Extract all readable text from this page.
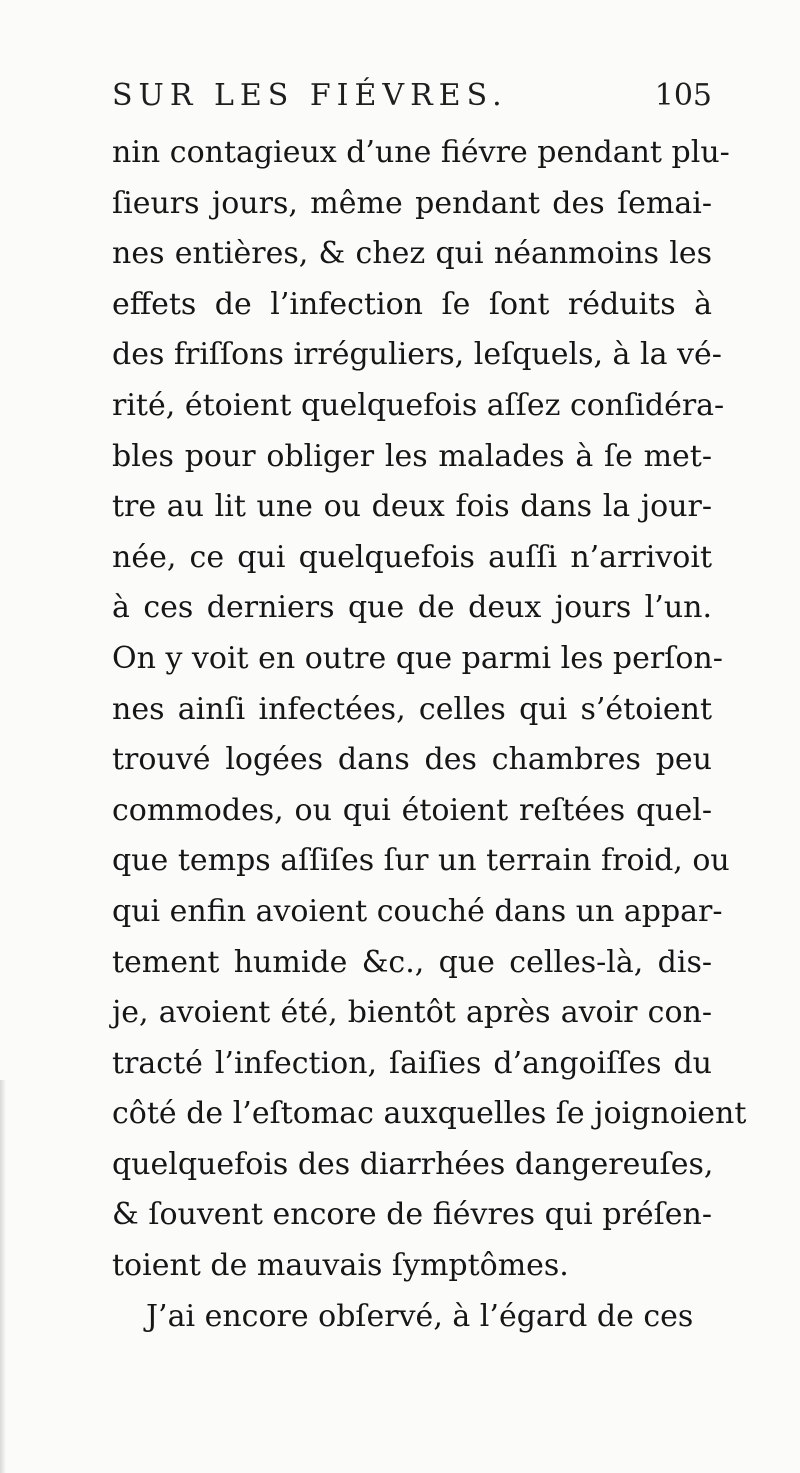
SUR LES FIÉVRES.	105
nin contagieux d’une fiévre pendant plu-
ſieurs jours, même pendant des ſemai-
nes entières, & chez qui néanmoins les
effets de l’infection ſe ſont réduits à
des friſſons irréguliers, leſquels, à la vé-
rité, étoient quelquefois aſſez conſidéra-
bles pour obliger les malades à ſe met-
tre au lit une ou deux fois dans la jour-
née, ce qui quelquefois auſſi n’arrivoit
à ces derniers que de deux jours l’un.
On y voit en outre que parmi les perſon-
nes ainſi infectées, celles qui s’étoient
trouvé logées dans des chambres peu
commodes, ou qui étoient reſtées quel-
que temps aſſiſes ſur un terrain froid, ou
qui enfin avoient couché dans un appar-
tement humide &c., que celles-là, dis-
je, avoient été, bientôt après avoir con-
tracté l’infection, ſaiſies d’angoiſſes du
côté de l’eſtomac auxquelles ſe joignoient
quelquefois des diarrhées dangereuſes,
& ſouvent encore de fiévres qui préſen-
toient de mauvais ſymptômes.
J’ai encore obſervé, à l’égard de ces
